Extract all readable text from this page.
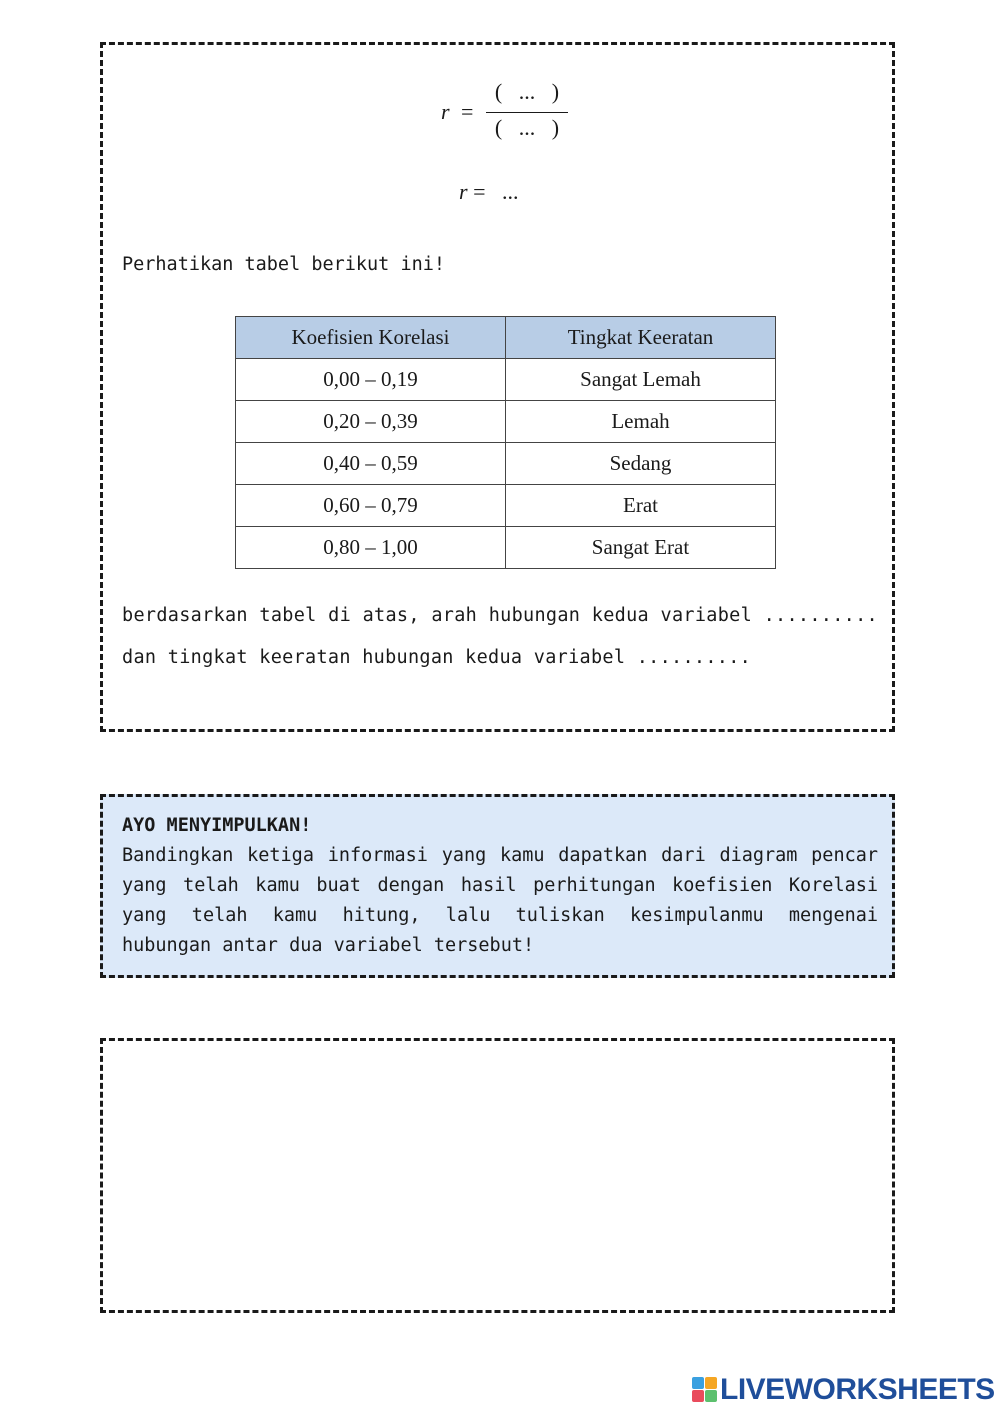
r =
(   ...   )
(   ...   )
r = ...
Perhatikan tabel berikut ini!
Koefisien Korelasi	Tingkat Keeratan
0,00 – 0,19	Sangat Lemah
0,20 – 0,39	Lemah
0,40 – 0,59	Sedang
0,60 – 0,79	Erat
0,80 – 1,00	Sangat Erat
berdasarkan tabel di atas, arah hubungan kedua variabel .......... dan tingkat keeratan hubungan kedua variabel ..........
AYO MENYIMPULKAN!
Bandingkan ketiga informasi yang kamu dapatkan dari diagram pencar yang telah kamu buat dengan hasil perhitungan koefisien Korelasi yang telah kamu hitung, lalu tuliskan kesimpulanmu mengenai hubungan antar dua variabel tersebut!
LIVEWORKSHEETS
